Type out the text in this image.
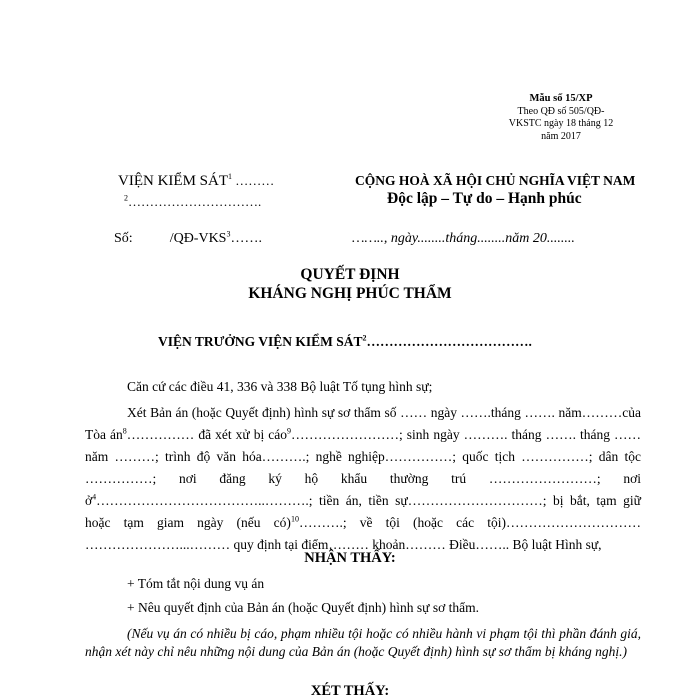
Mẫu số 15/XP
Theo QĐ số 505/QĐ-
VKSTC ngày 18 tháng 12
năm 2017
VIỆN KIỂM SÁT$^1$ ………
$^2$………………………….
Số:	/QĐ-VKS$^3$…….
CỘNG HOÀ XÃ HỘI CHỦ NGHĨA VIỆT NAM
Độc lập – Tự do – Hạnh phúc
…….., ngày........tháng........năm 20........
QUYẾT ĐỊNH
KHÁNG NGHỊ PHÚC THẨM
VIỆN TRƯỞNG VIỆN KIỂM SÁT$^2$……………………………….
Căn cứ các điều 41, 336 và 338 Bộ luật Tố tụng hình sự;
Xét Bản án (hoặc Quyết định) hình sự sơ thẩm số …… ngày …….tháng ……. năm………của Tòa $án^8\dots\dots\dots\dots\dots$ đã xét xử bị cáo$^9$……………………; sinh ngày ………. tháng ……. tháng …… năm ………; trình độ văn hóa……….; nghề nghiệp……………; quốc tịch ……………; dân tộc ……………; nơi đăng ký hộ khẩu thường trú ……………………; nơi ở$^4$………………………………..……….; tiền án, tiền sự…………………………; bị bắt, tạm giữ hoặc tạm giam ngày (nếu có)$^{10}$……….; về tội (hoặc các tội)………………………… …………………...……… quy định tại điểm……… khoản……… Điều…….. Bộ luật Hình sự,
NHẬN THẤY:
+ Tóm tắt nội dung vụ án
+ Nêu quyết định của Bản án (hoặc Quyết định) hình sự sơ thẩm.
(Nếu vụ án có nhiều bị cáo, phạm nhiều tội hoặc có nhiều hành vi phạm tội thì phần đánh giá, nhận xét này chỉ nêu những nội dung của Bản án (hoặc Quyết định) hình sự sơ thẩm bị kháng nghị.)
XÉT THẤY:
